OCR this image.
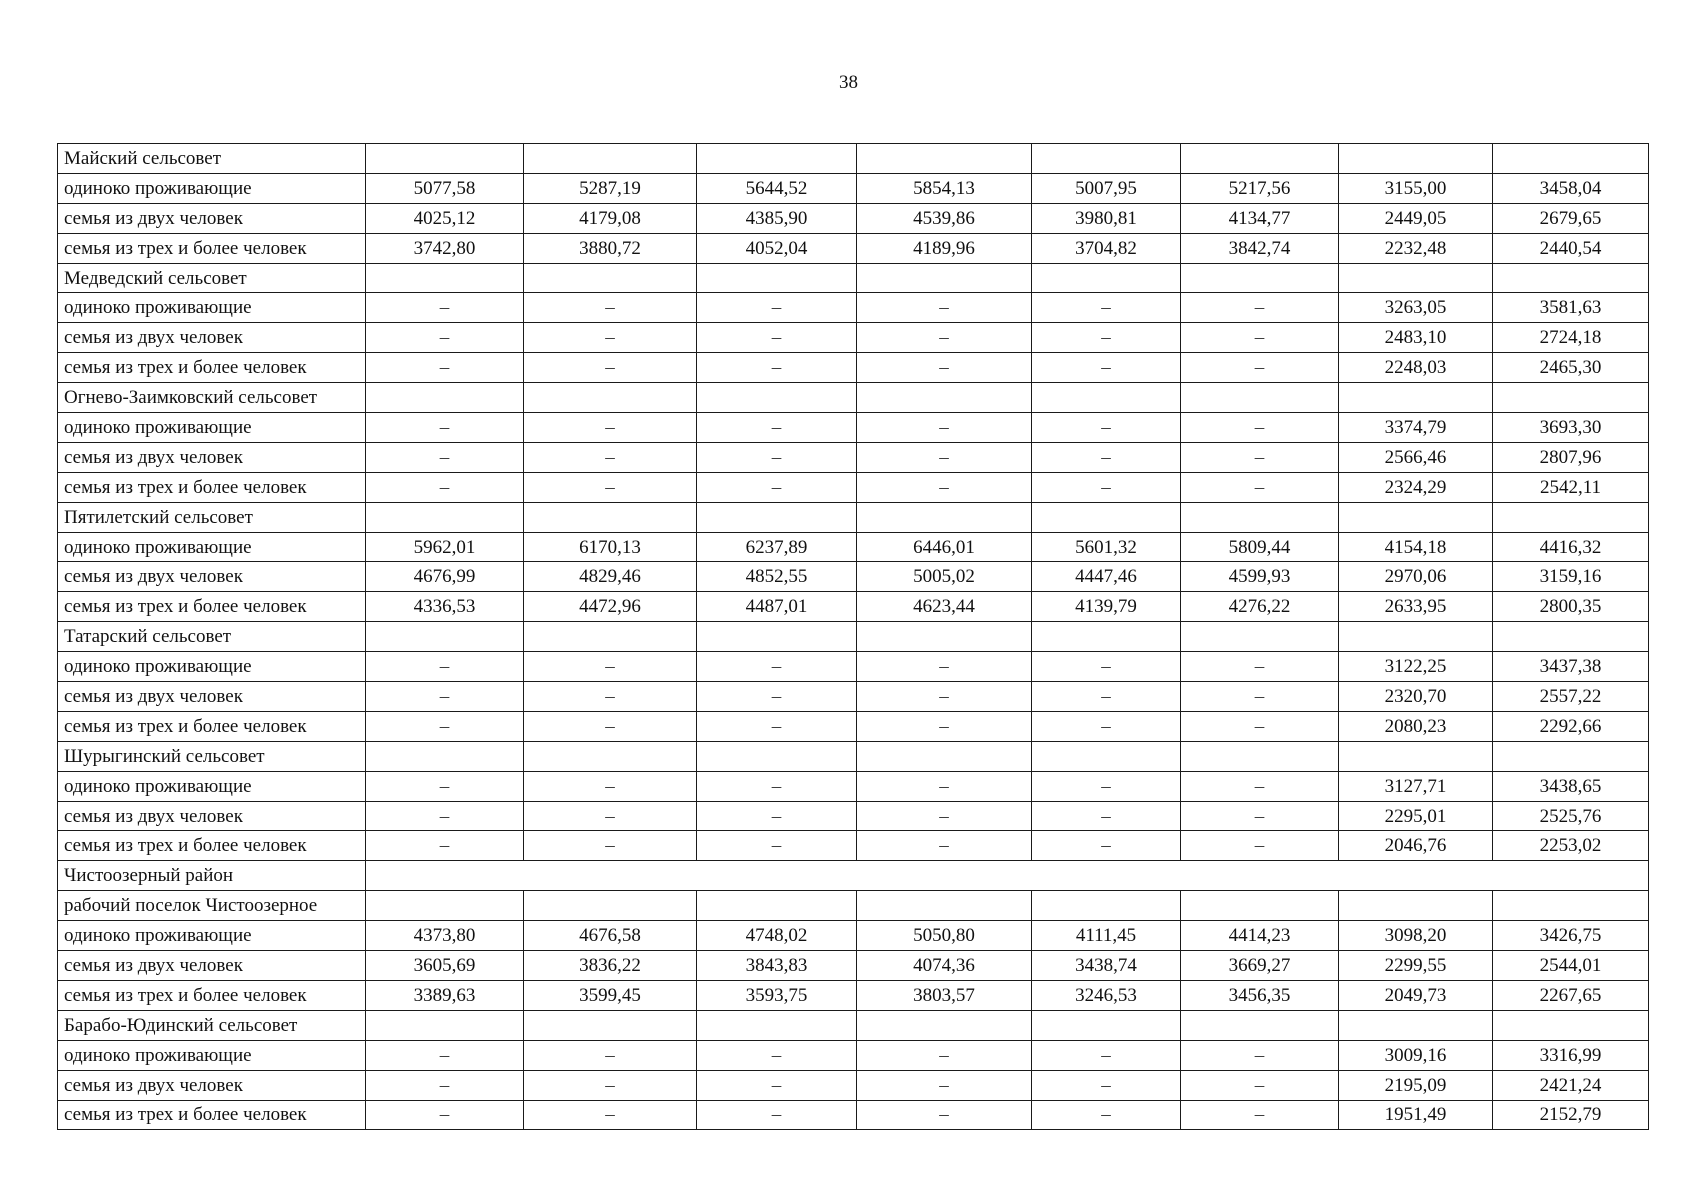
38
Майский сельсовет								
одиноко проживающие	5077,58	5287,19	5644,52	5854,13	5007,95	5217,56	3155,00	3458,04
семья из двух человек	4025,12	4179,08	4385,90	4539,86	3980,81	4134,77	2449,05	2679,65
семья из трех и более человек	3742,80	3880,72	4052,04	4189,96	3704,82	3842,74	2232,48	2440,54
Медведский сельсовет								
одиноко проживающие	–	–	–	–	–	–	3263,05	3581,63
семья из двух человек	–	–	–	–	–	–	2483,10	2724,18
семья из трех и более человек	–	–	–	–	–	–	2248,03	2465,30
Огнево-Заимковский сельсовет								
одиноко проживающие	–	–	–	–	–	–	3374,79	3693,30
семья из двух человек	–	–	–	–	–	–	2566,46	2807,96
семья из трех и более человек	–	–	–	–	–	–	2324,29	2542,11
Пятилетский сельсовет								
одиноко проживающие	5962,01	6170,13	6237,89	6446,01	5601,32	5809,44	4154,18	4416,32
семья из двух человек	4676,99	4829,46	4852,55	5005,02	4447,46	4599,93	2970,06	3159,16
семья из трех и более человек	4336,53	4472,96	4487,01	4623,44	4139,79	4276,22	2633,95	2800,35
Татарский сельсовет								
одиноко проживающие	–	–	–	–	–	–	3122,25	3437,38
семья из двух человек	–	–	–	–	–	–	2320,70	2557,22
семья из трех и более человек	–	–	–	–	–	–	2080,23	2292,66
Шурыгинский сельсовет								
одиноко проживающие	–	–	–	–	–	–	3127,71	3438,65
семья из двух человек	–	–	–	–	–	–	2295,01	2525,76
семья из трех и более человек	–	–	–	–	–	–	2046,76	2253,02
Чистоозерный район								
рабочий поселок Чистоозерное								
одиноко проживающие	4373,80	4676,58	4748,02	5050,80	4111,45	4414,23	3098,20	3426,75
семья из двух человек	3605,69	3836,22	3843,83	4074,36	3438,74	3669,27	2299,55	2544,01
семья из трех и более человек	3389,63	3599,45	3593,75	3803,57	3246,53	3456,35	2049,73	2267,65
Барабо-Юдинский сельсовет								
одиноко проживающие	–	–	–	–	–	–	3009,16	3316,99
семья из двух человек	–	–	–	–	–	–	2195,09	2421,24
семья из трех и более человек	–	–	–	–	–	–	1951,49	2152,79
